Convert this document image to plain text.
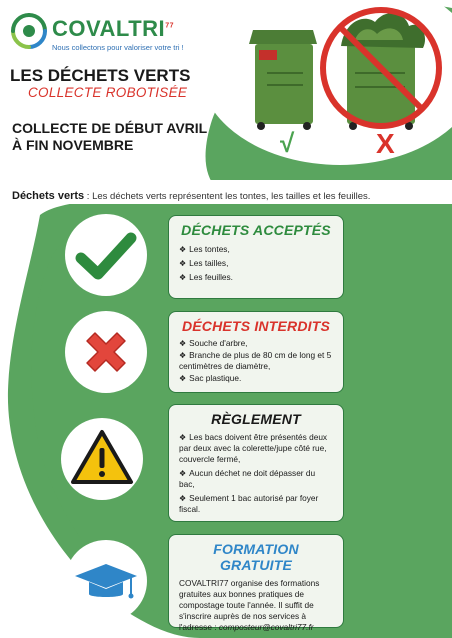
√	X
COVALTRI$^{77}$
Nous collectons pour valoriser votre tri !
LES DÉCHETS VERTS
COLLECTE ROBOTISÉE
COLLECTE DE DÉBUT AVRIL
À FIN NOVEMBRE
Déchets verts : Les déchets verts représentent les tontes, les tailles et les feuilles.
DÉCHETS ACCEPTÉS
❖ Les tontes,
❖ Les tailles,
❖ Les feuilles.
DÉCHETS INTERDITS
❖ Souche d'arbre,
❖ Branche de plus de 80 cm de long et 5 centimètres de diamètre,
❖ Sac plastique.
RÈGLEMENT
❖ Les bacs doivent être présentés deux par deux avec la colerette/jupe côté rue, couvercle fermé,
❖ Aucun déchet ne doit dépasser du bac,
❖ Seulement 1 bac autorisé par foyer fiscal.
FORMATION GRATUITE

COVALTRI77 organise des formations gratuites aux bonnes pratiques de compostage toute l'année. Il suffit de s'inscrire auprès de nos services à l'adresse : composteur@covaltri77.fr
